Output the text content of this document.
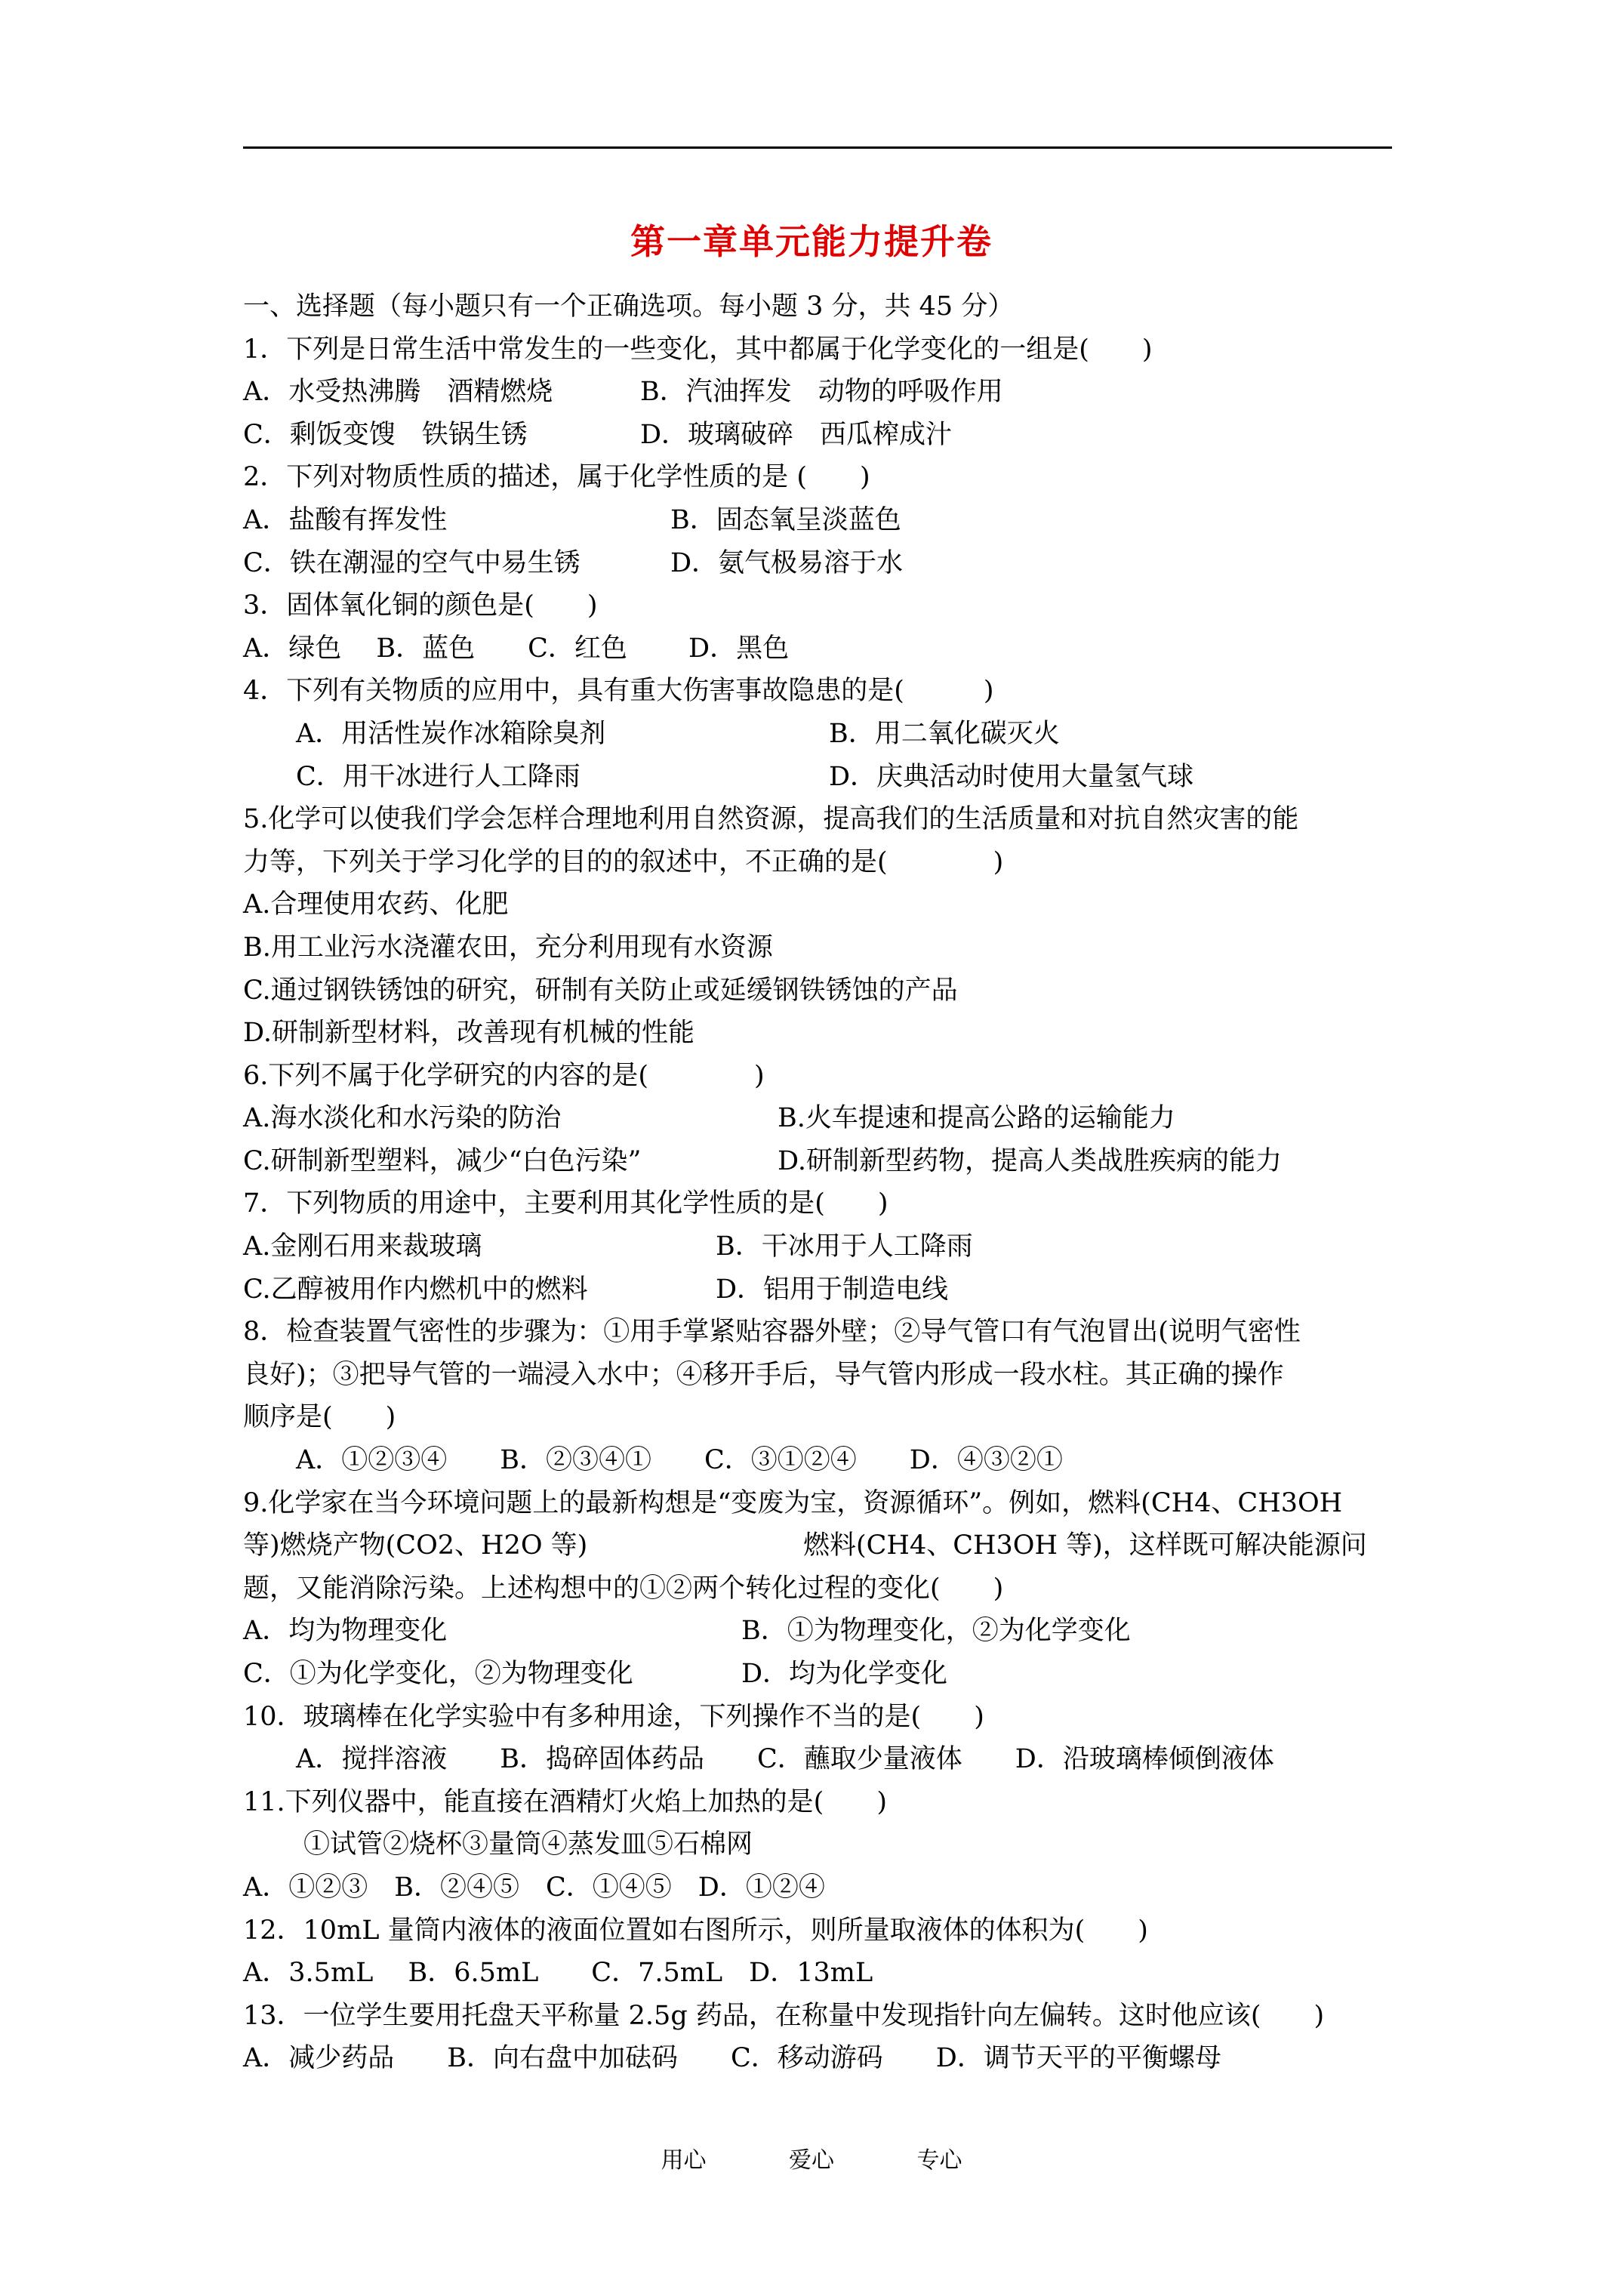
第一章单元能力提升卷
一、选择题（每小题只有一个正确选项。每小题 3 分，共 45 分）
1．下列是日常生活中常发生的一些变化，其中都属于化学变化的一组是(　　)
A．水受热沸腾　酒精燃烧	B．汽油挥发　动物的呼吸作用
C．剩饭变馊　铁锅生锈	D．玻璃破碎　西瓜榨成汁
2．下列对物质性质的描述，属于化学性质的是 (　　)
A．盐酸有挥发性	B．固态氧呈淡蓝色
C．铁在潮湿的空气中易生锈	D．氨气极易溶于水
3．固体氧化铜的颜色是(　　)
A．绿色　 B．蓝色　　C．红色　　 D．黑色
4．下列有关物质的应用中，具有重大伤害事故隐患的是(　　　)
A．用活性炭作冰箱除臭剂	B．用二氧化碳灭火
C．用干冰进行人工降雨	D．庆典活动时使用大量氢气球
5.化学可以使我们学会怎样合理地利用自然资源，提高我们的生活质量和对抗自然灾害的能
力等，下列关于学习化学的目的的叙述中，不正确的是(　　　　)
A.合理使用农药、化肥
B.用工业污水浇灌农田，充分利用现有水资源
C.通过钢铁锈蚀的研究，研制有关防止或延缓钢铁锈蚀的产品
D.研制新型材料，改善现有机械的性能
6.下列不属于化学研究的内容的是(　　　　)
A.海水淡化和水污染的防治	B.火车提速和提高公路的运输能力
C.研制新型塑料，减少“白色污染”	D.研制新型药物，提高人类战胜疾病的能力
7．下列物质的用途中，主要利用其化学性质的是(　　)
A.金刚石用来裁玻璃	B．干冰用于人工降雨
C.乙醇被用作内燃机中的燃料	D．铝用于制造电线
8．检查装置气密性的步骤为：①用手掌紧贴容器外壁；②导气管口有气泡冒出(说明气密性
良好)；③把导气管的一端浸入水中；④移开手后，导气管内形成一段水柱。其正确的操作
顺序是(　　)
A．①②③④　　B．②③④①　　C．③①②④　　D．④③②①
9.化学家在当今环境问题上的最新构想是“变废为宝，资源循环”。例如，燃料(CH4、CH3OH
等)燃烧产物(CO2、H2O 等)	燃料(CH4、CH3OH 等)，这样既可解决能源问
题，又能消除污染。上述构想中的①②两个转化过程的变化(　　)
A．均为物理变化	B．①为物理变化，②为化学变化
C．①为化学变化，②为物理变化	D．均为化学变化
10．玻璃棒在化学实验中有多种用途，下列操作不当的是(　　)
A．搅拌溶液　　B．捣碎固体药品　　C．蘸取少量液体　　D．沿玻璃棒倾倒液体
11.下列仪器中，能直接在酒精灯火焰上加热的是(　　)
①试管②烧杯③量筒④蒸发皿⑤石棉网
A．①②③　B．②④⑤　C．①④⑤　D．①②④
12．10mL 量筒内液体的液面位置如右图所示，则所量取液体的体积为(　　)
A．3.5mL　 B．6.5mL　　C．7.5mL　D．13mL
13．一位学生要用托盘天平称量 2.5g 药品，在称量中发现指针向左偏转。这时他应该(　　)
A．减少药品　　B．向右盘中加砝码　　C．移动游码　　D．调节天平的平衡螺母
用心	爱心	专心
